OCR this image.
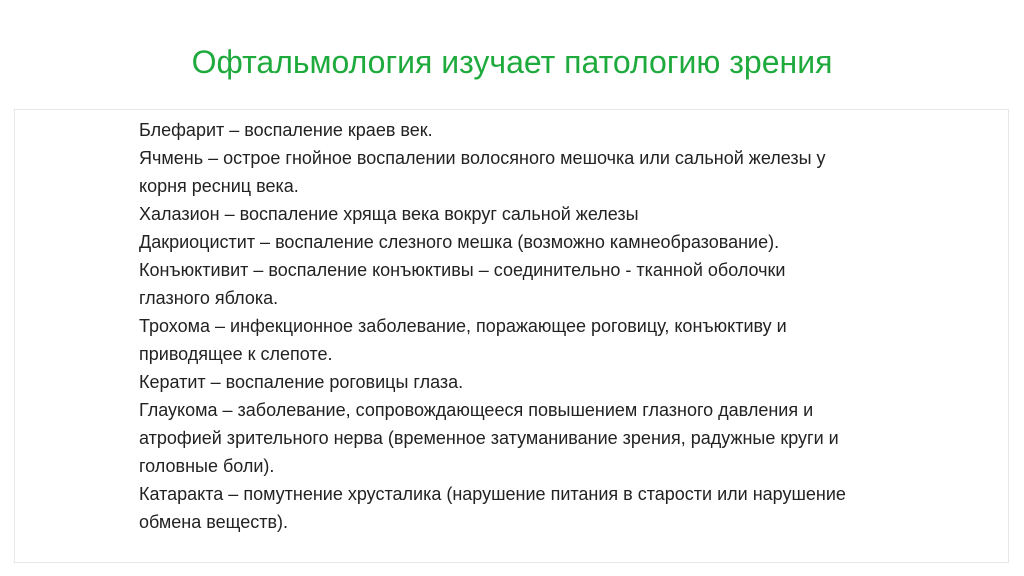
Офтальмология изучает патологию зрения
Блефарит – воспаление краев век.
Ячмень – острое гнойное воспалении волосяного мешочка или сальной железы у
корня ресниц века.
Халазион – воспаление хряща века вокруг сальной железы
Дакриоцистит – воспаление слезного мешка (возможно камнеобразование).
Конъюктивит – воспаление конъюктивы – соединительно - тканной оболочки
глазного яблока.
Трохома – инфекционное заболевание, поражающее роговицу, конъюктиву и
приводящее к слепоте.
Кератит – воспаление роговицы глаза.
Глаукома – заболевание, сопровождающееся повышением глазного давления и
атрофией зрительного нерва (временное затуманивание зрения, радужные круги и
головные боли).
Катаракта – помутнение хрусталика (нарушение питания в старости или нарушение
обмена веществ).
